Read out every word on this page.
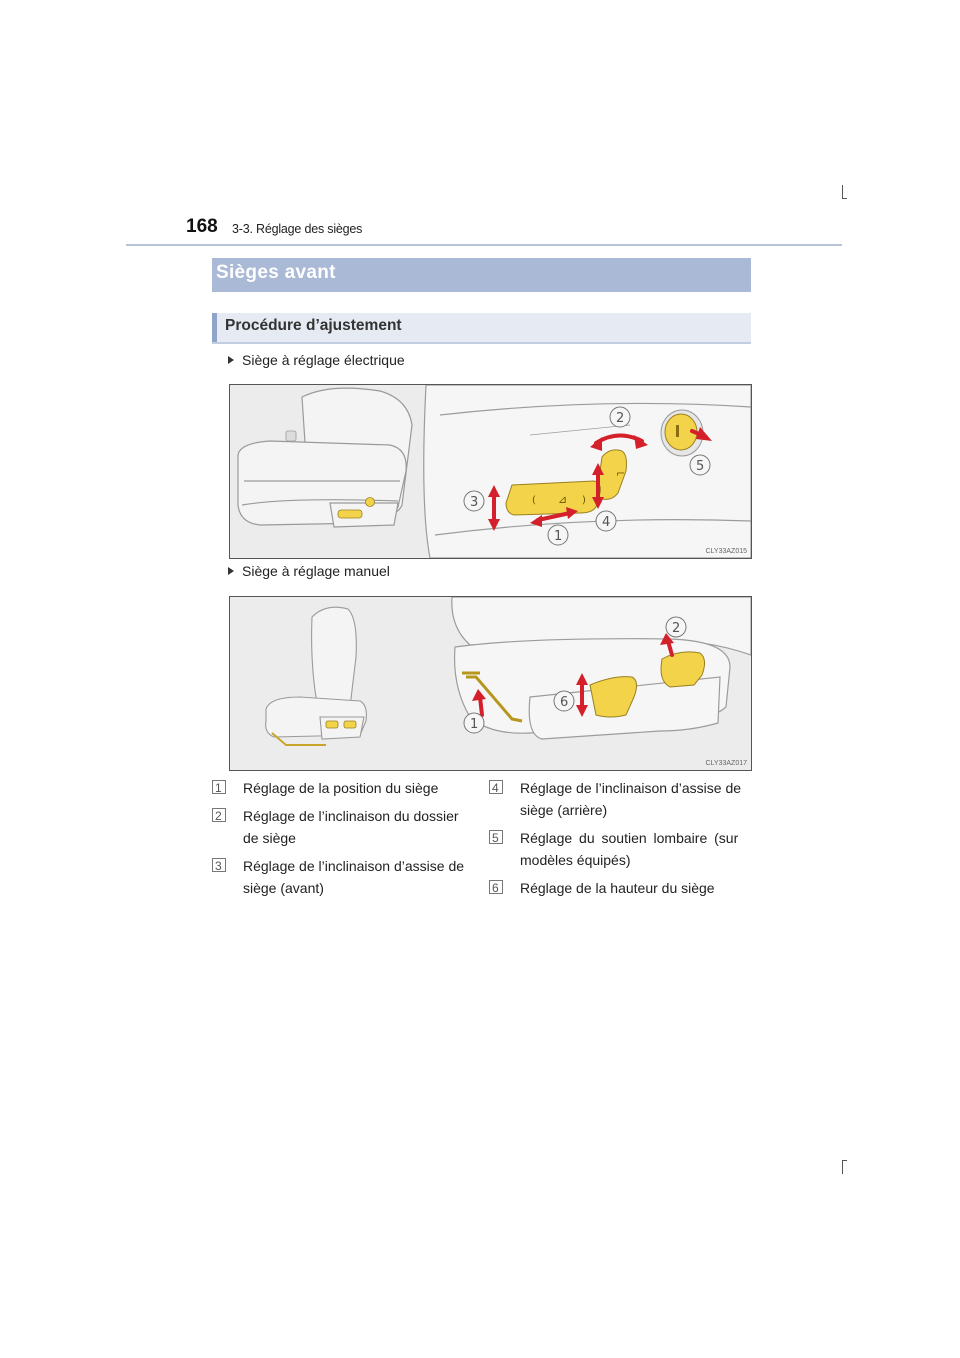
168 3-3. Réglage des sièges
Sièges avant
Procédure d’ajustement
Siège à réglage électrique
⌐
( ⊿ )
2
5
3
4
1
CLY33AZ015
Siège à réglage manuel
2
6
1
CLY33AZ017
1 Réglage de la position du siège
2 Réglage de l’inclinaison du dossier
de siège
3 Réglage de l’inclinaison d’assise de
siège (avant)
4 Réglage de l’inclinaison d’assise de
siège (arrière)
5 Réglage du soutien lombaire (sur
modèles équipés)
6 Réglage de la hauteur du siège
